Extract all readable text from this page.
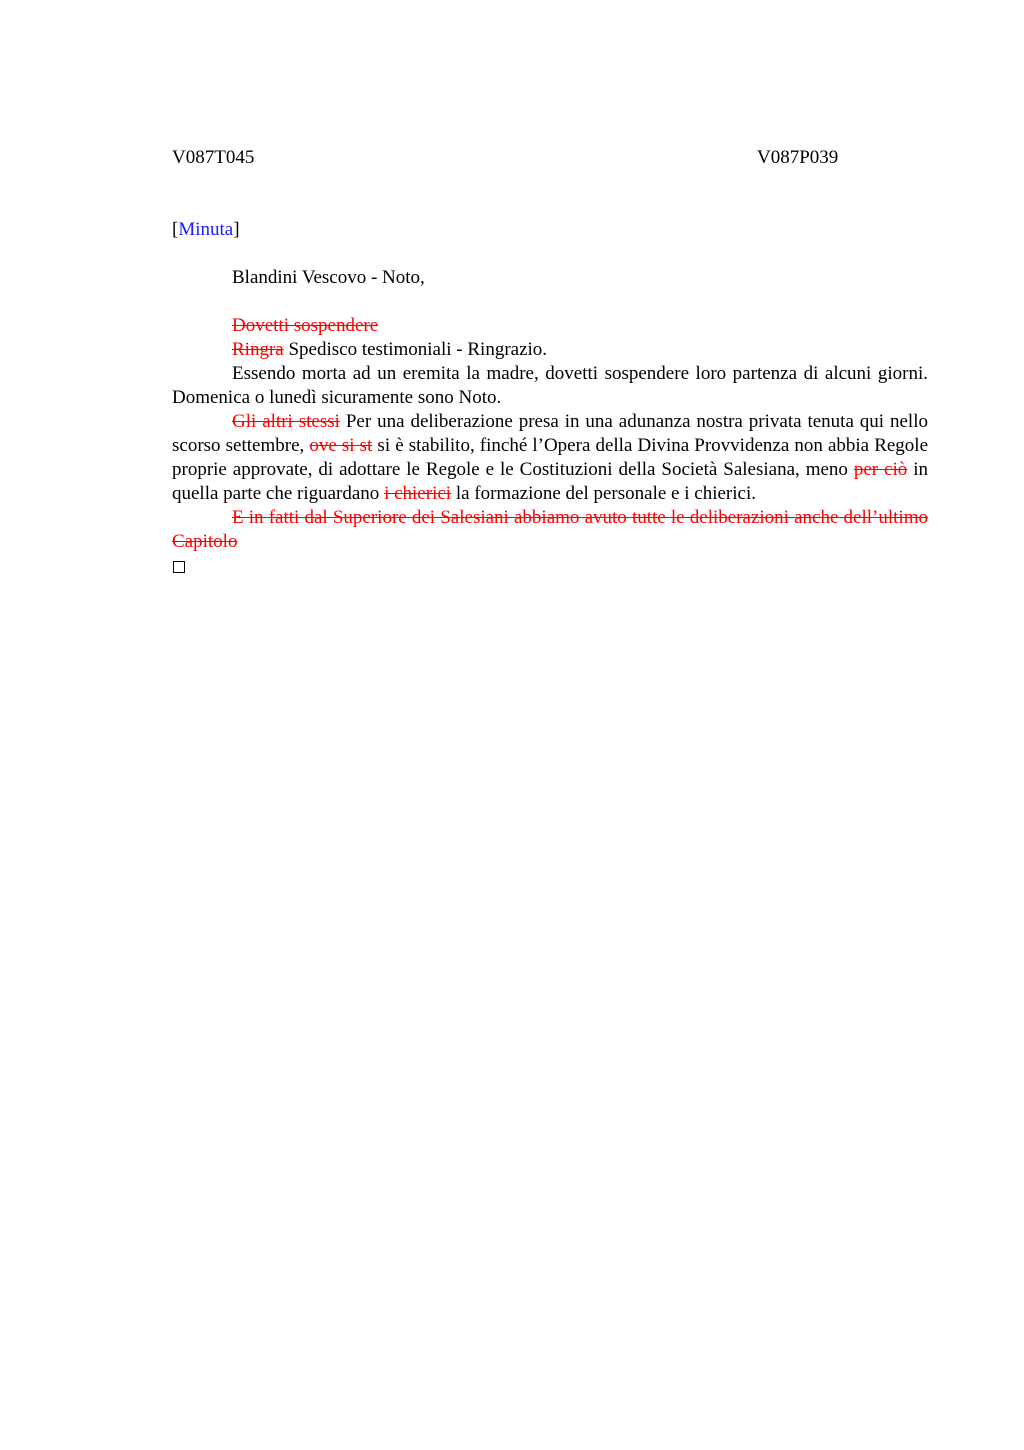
V087T045	V087P039

[Minuta]

Blandini Vescovo - Noto,

Dovetti sospendere

Ringra Spedisco testimoniali - Ringrazio.

Essendo morta ad un eremita la madre, dovetti sospendere loro partenza di alcuni giorni. Domenica o lunedì sicuramente sono Noto.

Gli altri stessi Per una deliberazione presa in una adunanza nostra privata tenuta qui nello scorso settembre, ove si st si è stabilito, finché l’Opera della Divina Provvidenza non abbia Regole proprie approvate, di adottare le Regole e le Costituzioni della Società Salesiana, meno per ciò in quella parte che riguardano i chierici la formazione del personale e i chierici.

E in fatti dal Superiore dei Salesiani abbiamo avuto tutte le deliberazioni anche dell’ultimo Capitolo
